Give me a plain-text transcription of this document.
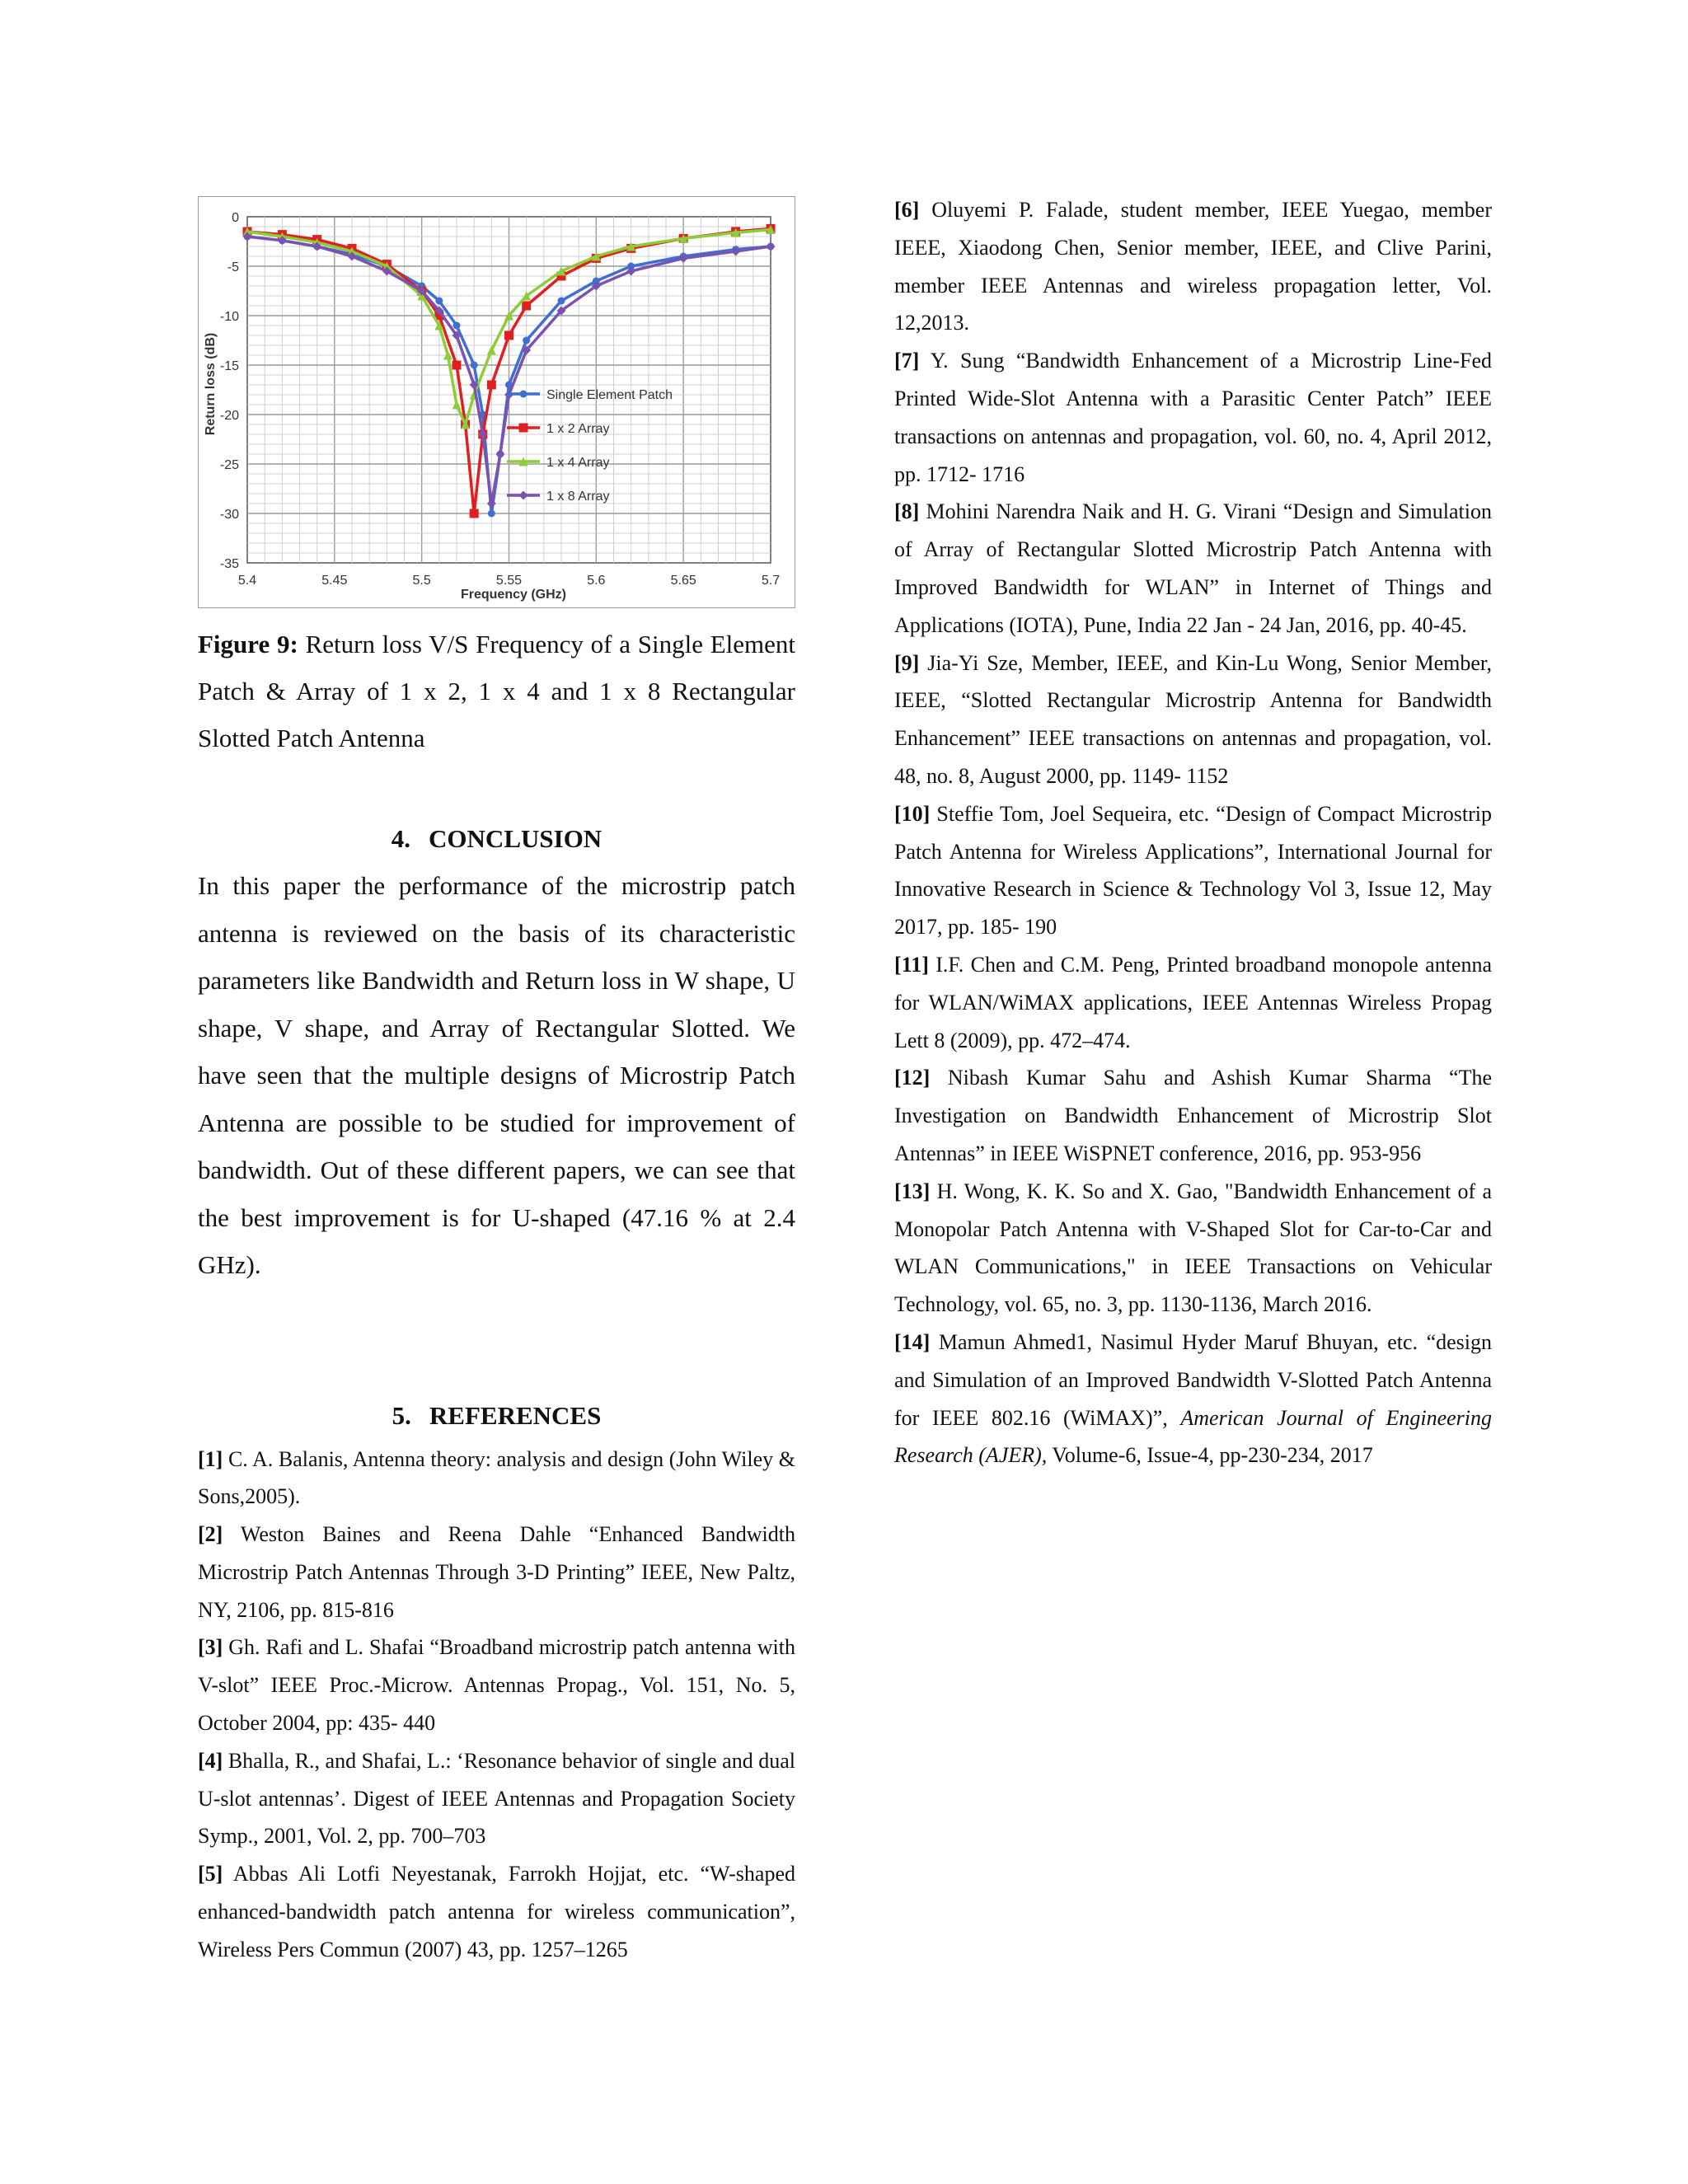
5.4	5.45	5.5	5.55	5.6	5.65	5.7
0
-5
-10
-15
-20
-25
-30
-35
Single Element Patch
1 x 2 Array
1 x 4 Array
1 x 8 Array
Frequency (GHz)
Return loss (dB)

Figure 9: Return loss V/S Frequency of a Single Element Patch & Array of 1 x 2, 1 x 4 and 1 x 8 Rectangular Slotted Patch Antenna

4. CONCLUSION

In this paper the performance of the microstrip patch antenna is reviewed on the basis of its characteristic parameters like Bandwidth and Return loss in W shape, U shape, V shape, and Array of Rectangular Slotted. We have seen that the multiple designs of Microstrip Patch Antenna are possible to be studied for improvement of bandwidth. Out of these different papers, we can see that the best improvement is for U-shaped (47.16 % at 2.4 GHz).

5. REFERENCES

[1] C. A. Balanis, Antenna theory: analysis and design (John Wiley & Sons,2005).

[2] Weston Baines and Reena Dahle “Enhanced Bandwidth Microstrip Patch Antennas Through 3-D Printing” IEEE, New Paltz, NY, 2106, pp. 815-816

[3] Gh. Rafi and L. Shafai “Broadband microstrip patch antenna with V-slot” IEEE Proc.-Microw. Antennas Propag., Vol. 151, No. 5, October 2004, pp: 435- 440

[4] Bhalla, R., and Shafai, L.: ‘Resonance behavior of single and dual U-slot antennas’. Digest of IEEE Antennas and Propagation Society Symp., 2001, Vol. 2, pp. 700–703

[5] Abbas Ali Lotfi Neyestanak, Farrokh Hojjat, etc. “W-shaped enhanced-bandwidth patch antenna for wireless communication”, Wireless Pers Commun (2007) 43, pp. 1257–1265

[6] Oluyemi P. Falade, student member, IEEE Yuegao, member IEEE, Xiaodong Chen, Senior member, IEEE, and Clive Parini, member IEEE Antennas and wireless propagation letter, Vol. 12,2013.

[7] Y. Sung “Bandwidth Enhancement of a Microstrip Line-Fed Printed Wide-Slot Antenna with a Parasitic Center Patch” IEEE transactions on antennas and propagation, vol. 60, no. 4, April 2012, pp. 1712- 1716

[8] Mohini Narendra Naik and H. G. Virani “Design and Simulation of Array of Rectangular Slotted Microstrip Patch Antenna with Improved Bandwidth for WLAN” in Internet of Things and Applications (IOTA), Pune, India 22 Jan - 24 Jan, 2016, pp. 40-45.

[9] Jia-Yi Sze, Member, IEEE, and Kin-Lu Wong, Senior Member, IEEE, “Slotted Rectangular Microstrip Antenna for Bandwidth Enhancement” IEEE transactions on antennas and propagation, vol. 48, no. 8, August 2000, pp. 1149- 1152

[10] Steffie Tom, Joel Sequeira, etc. “Design of Compact Microstrip Patch Antenna for Wireless Applications”, International Journal for Innovative Research in Science & Technology Vol 3, Issue 12, May 2017, pp. 185- 190

[11] I.F. Chen and C.M. Peng, Printed broadband monopole antenna for WLAN/WiMAX applications, IEEE Antennas Wireless Propag Lett 8 (2009), pp. 472–474.

[12] Nibash Kumar Sahu and Ashish Kumar Sharma “The Investigation on Bandwidth Enhancement of Microstrip Slot Antennas” in IEEE WiSPNET conference, 2016, pp. 953-956

[13] H. Wong, K. K. So and X. Gao, "Bandwidth Enhancement of a Monopolar Patch Antenna with V-Shaped Slot for Car-to-Car and WLAN Communications," in IEEE Transactions on Vehicular Technology, vol. 65, no. 3, pp. 1130-1136, March 2016.

[14] Mamun Ahmed1, Nasimul Hyder Maruf Bhuyan, etc. “design and Simulation of an Improved Bandwidth V-Slotted Patch Antenna for IEEE 802.16 (WiMAX)”, American Journal of Engineering Research (AJER), Volume-6, Issue-4, pp-230-234, 2017
